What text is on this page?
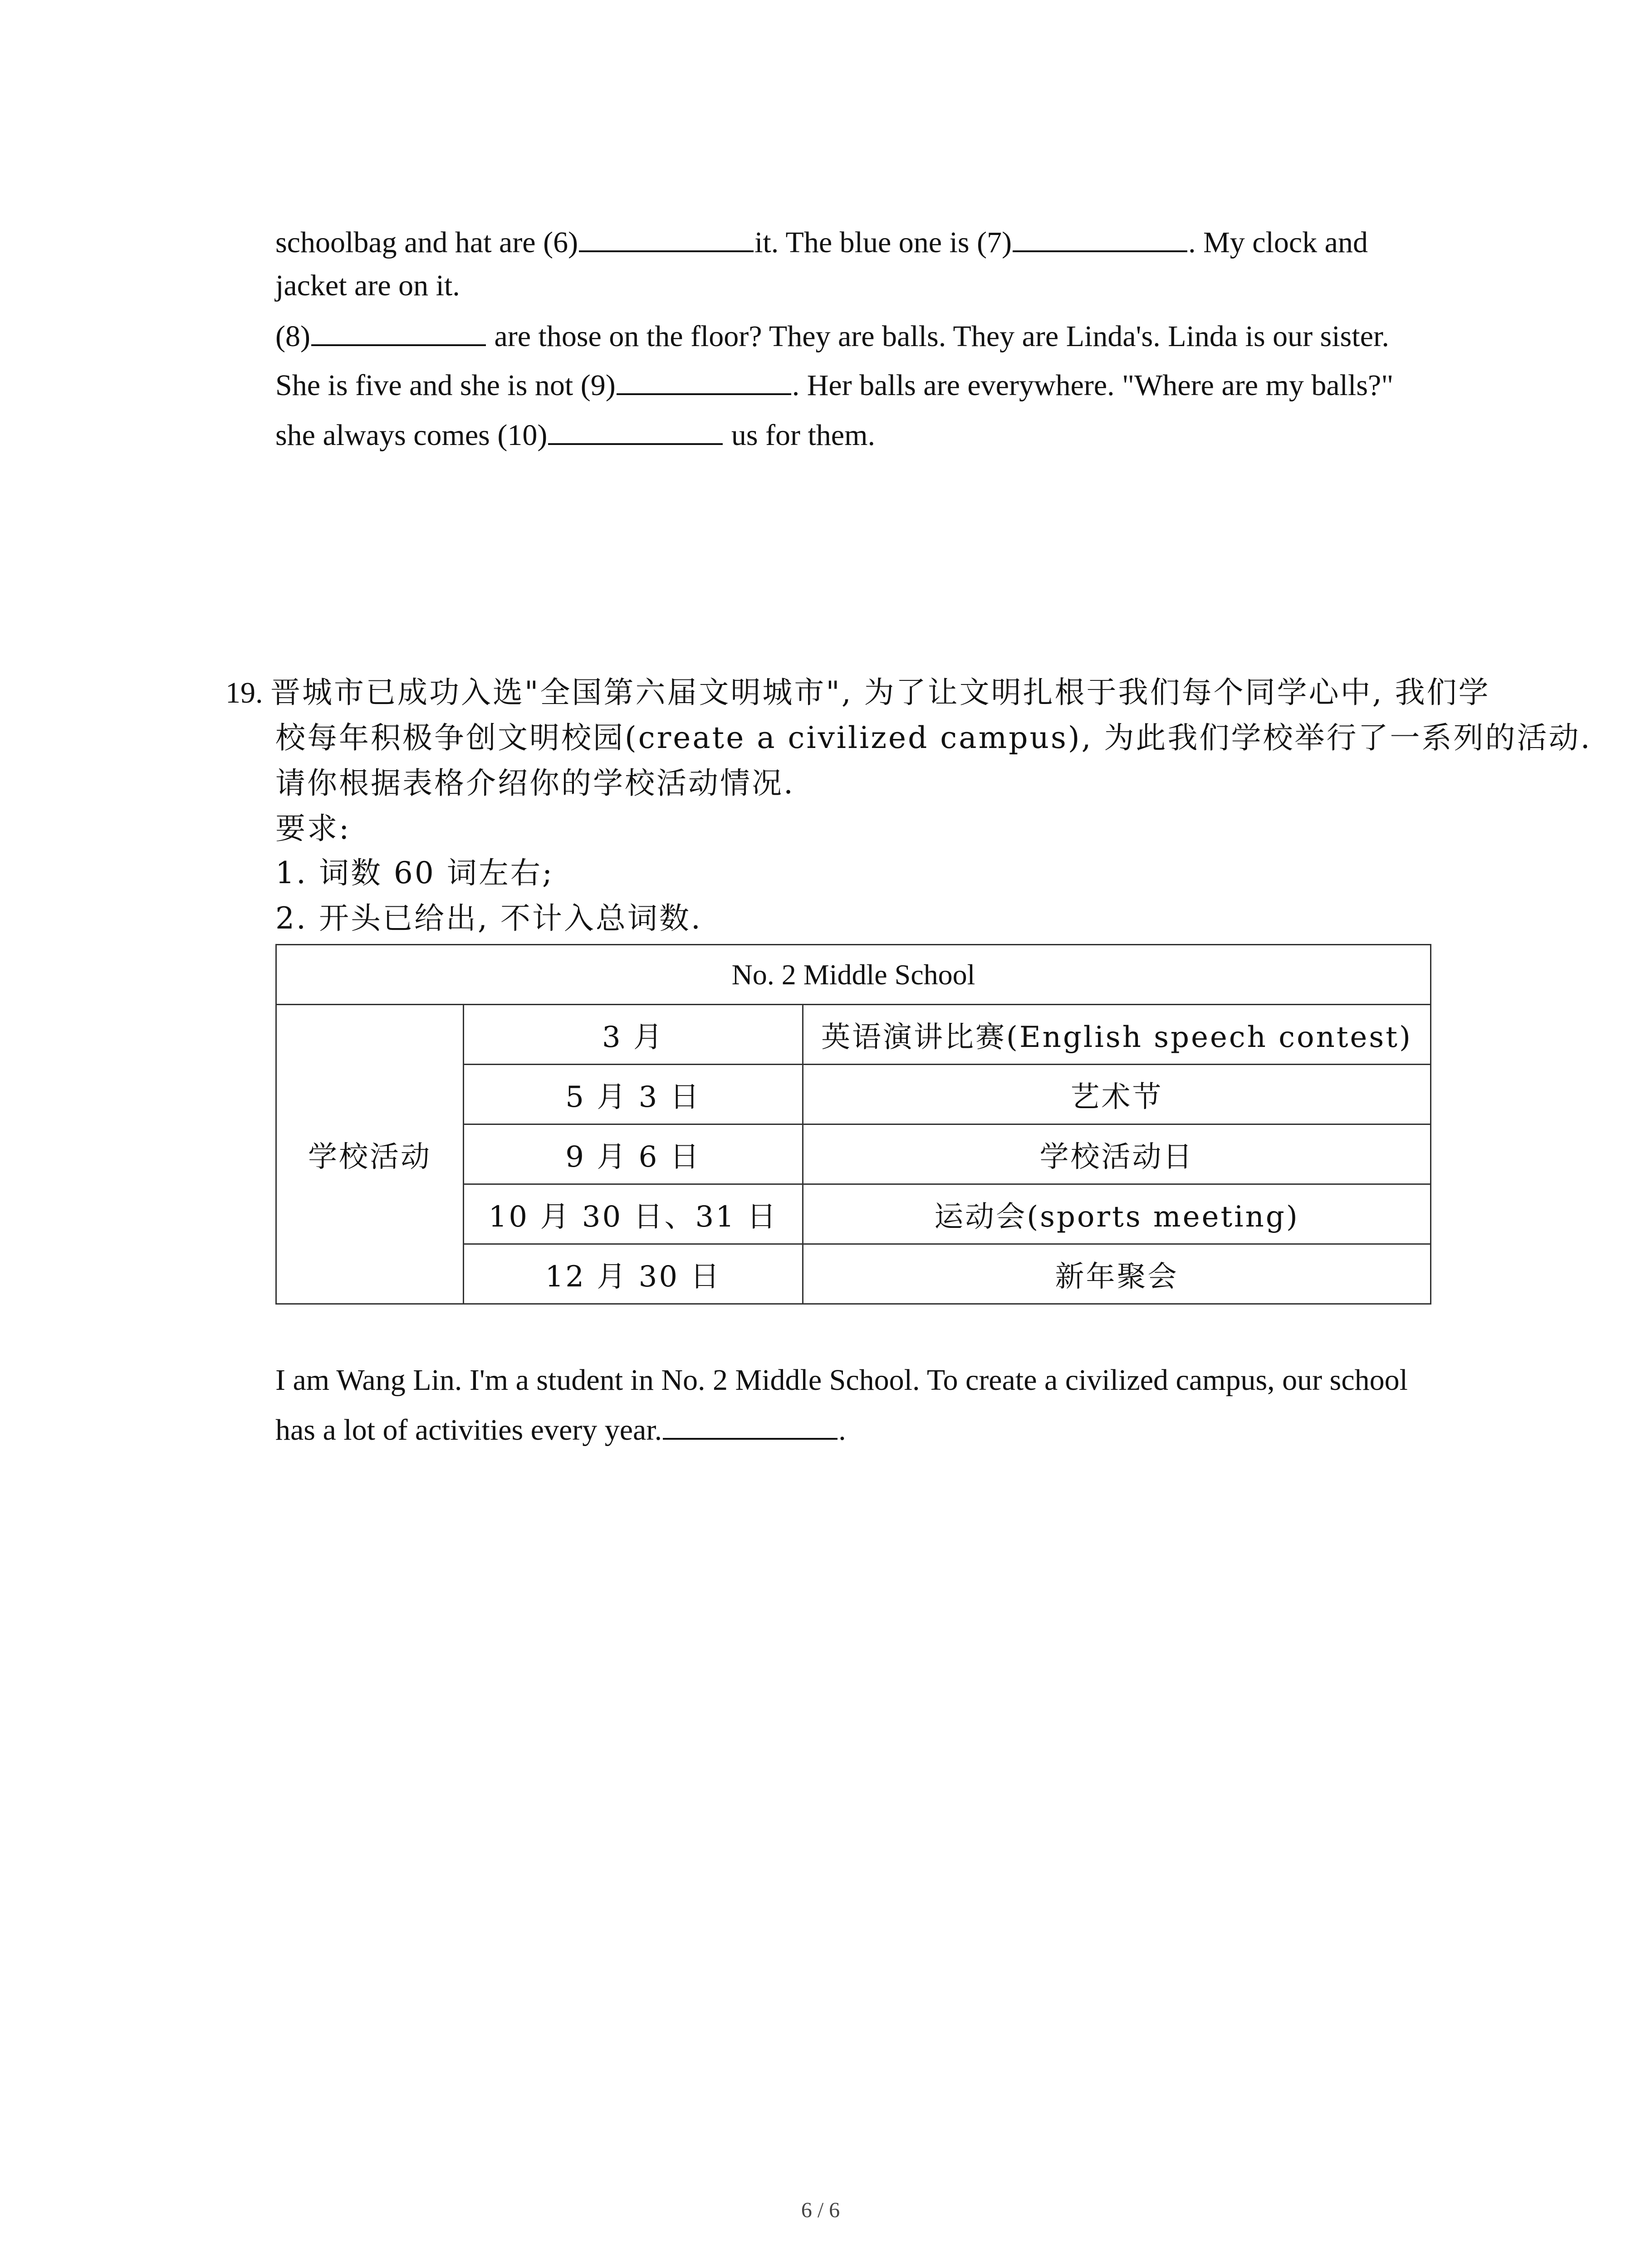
schoolbag and hat are (6)	it. The blue one is (7)	. My clock and
jacket are on it.
(8)	are those on the floor? They are balls. They are Linda's. Linda is our sister.
She is five and she is not (9)	. Her balls are everywhere. "Where are my balls?"
she always comes (10)	us for them.
19. 晋城市已成功入选"全国第六届文明城市", 为了让文明扎根于我们每个同学心中, 我们学
校每年积极争创文明校园(create a civilized campus), 为此我们学校举行了一系列的活动.
请你根据表格介绍你的学校活动情况.
要求:
1. 词数 60 词左右;
2. 开头已给出, 不计入总词数.
No. 2 Middle School		
学校活动	3 月	英语演讲比赛(English speech contest)
	5 月 3 日	艺术节
	9 月 6 日	学校活动日
	10 月 30 日、31 日	运动会(sports meeting)
	12 月 30 日	新年聚会
I am Wang Lin. I'm a student in No. 2 Middle School. To create a civilized campus, our school
has a lot of activities every year.	.
6 / 6
